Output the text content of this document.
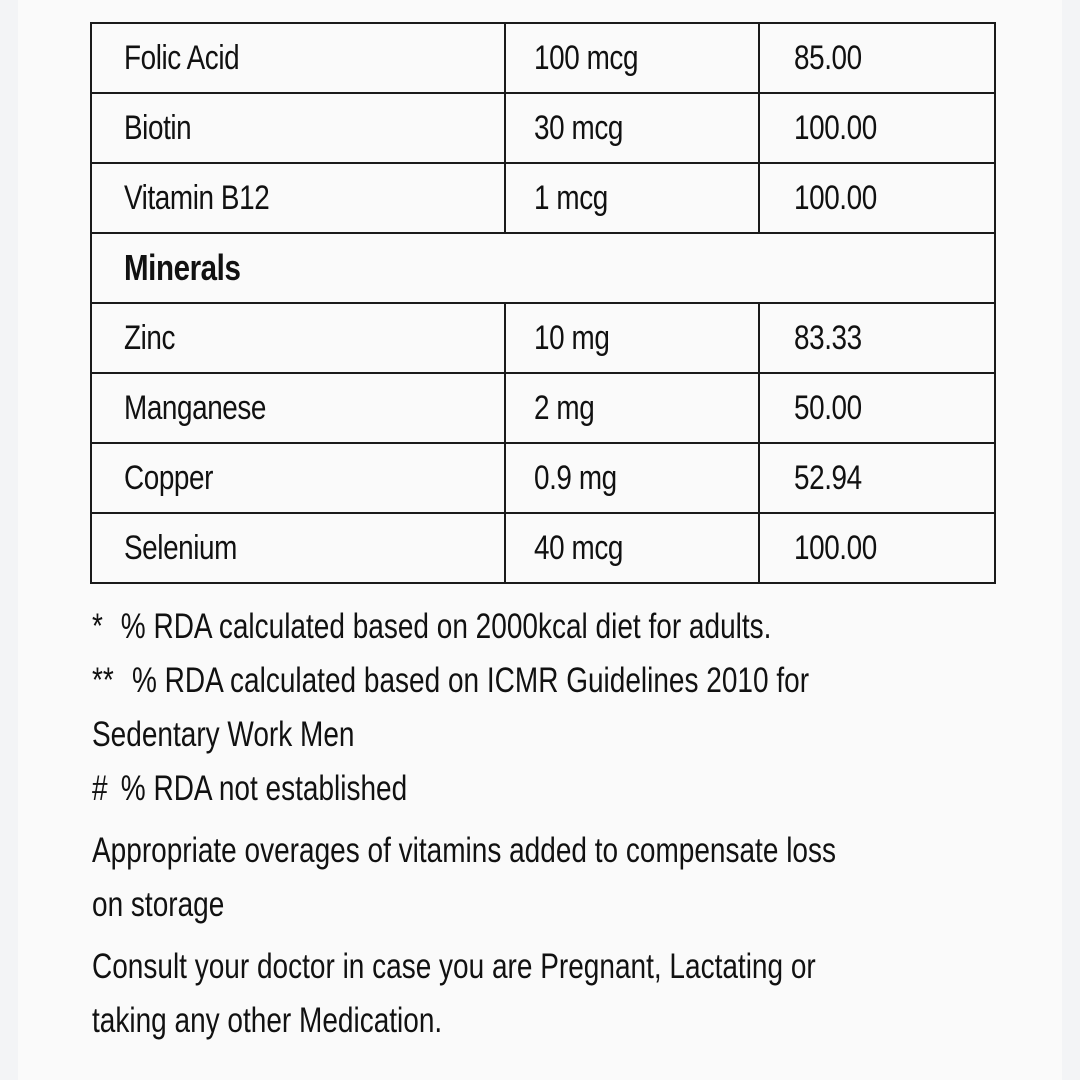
Folic Acid	100 mcg	85.00
Biotin	30 mcg	100.00
Vitamin B12	1 mcg	100.00
Minerals		
Zinc	10 mg	83.33
Manganese	2 mg	50.00
Copper	0.9 mg	52.94
Selenium	40 mcg	100.00
* % RDA calculated based on 2000kcal diet for adults.
** % RDA calculated based on ICMR Guidelines 2010 for
Sedentary Work Men
# % RDA not established
Appropriate overages of vitamins added to compensate loss
on storage
Consult your doctor in case you are Pregnant, Lactating or
taking any other Medication.
